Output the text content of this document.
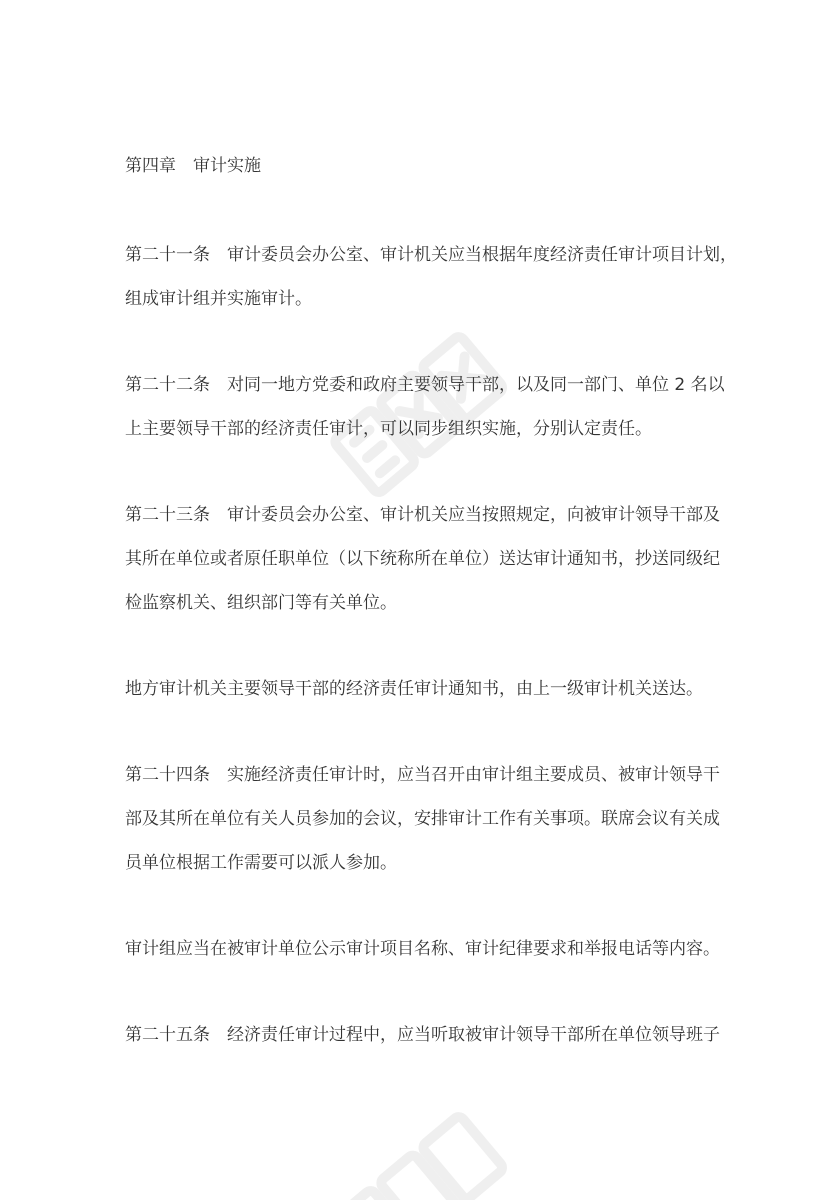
第四章　审计实施
第二十一条　审计委员会办公室、审计机关应当根据年度经济责任审计项目计划，
组成审计组并实施审计。
第二十二条　对同一地方党委和政府主要领导干部，以及同一部门、单位 2 名以
上主要领导干部的经济责任审计，可以同步组织实施，分别认定责任。
第二十三条　审计委员会办公室、审计机关应当按照规定，向被审计领导干部及
其所在单位或者原任职单位（以下统称所在单位）送达审计通知书，抄送同级纪
检监察机关、组织部门等有关单位。
地方审计机关主要领导干部的经济责任审计通知书，由上一级审计机关送达。
第二十四条　实施经济责任审计时，应当召开由审计组主要成员、被审计领导干
部及其所在单位有关人员参加的会议，安排审计工作有关事项。联席会议有关成
员单位根据工作需要可以派人参加。
审计组应当在被审计单位公示审计项目名称、审计纪律要求和举报电话等内容。
第二十五条　经济责任审计过程中，应当听取被审计领导干部所在单位领导班子
